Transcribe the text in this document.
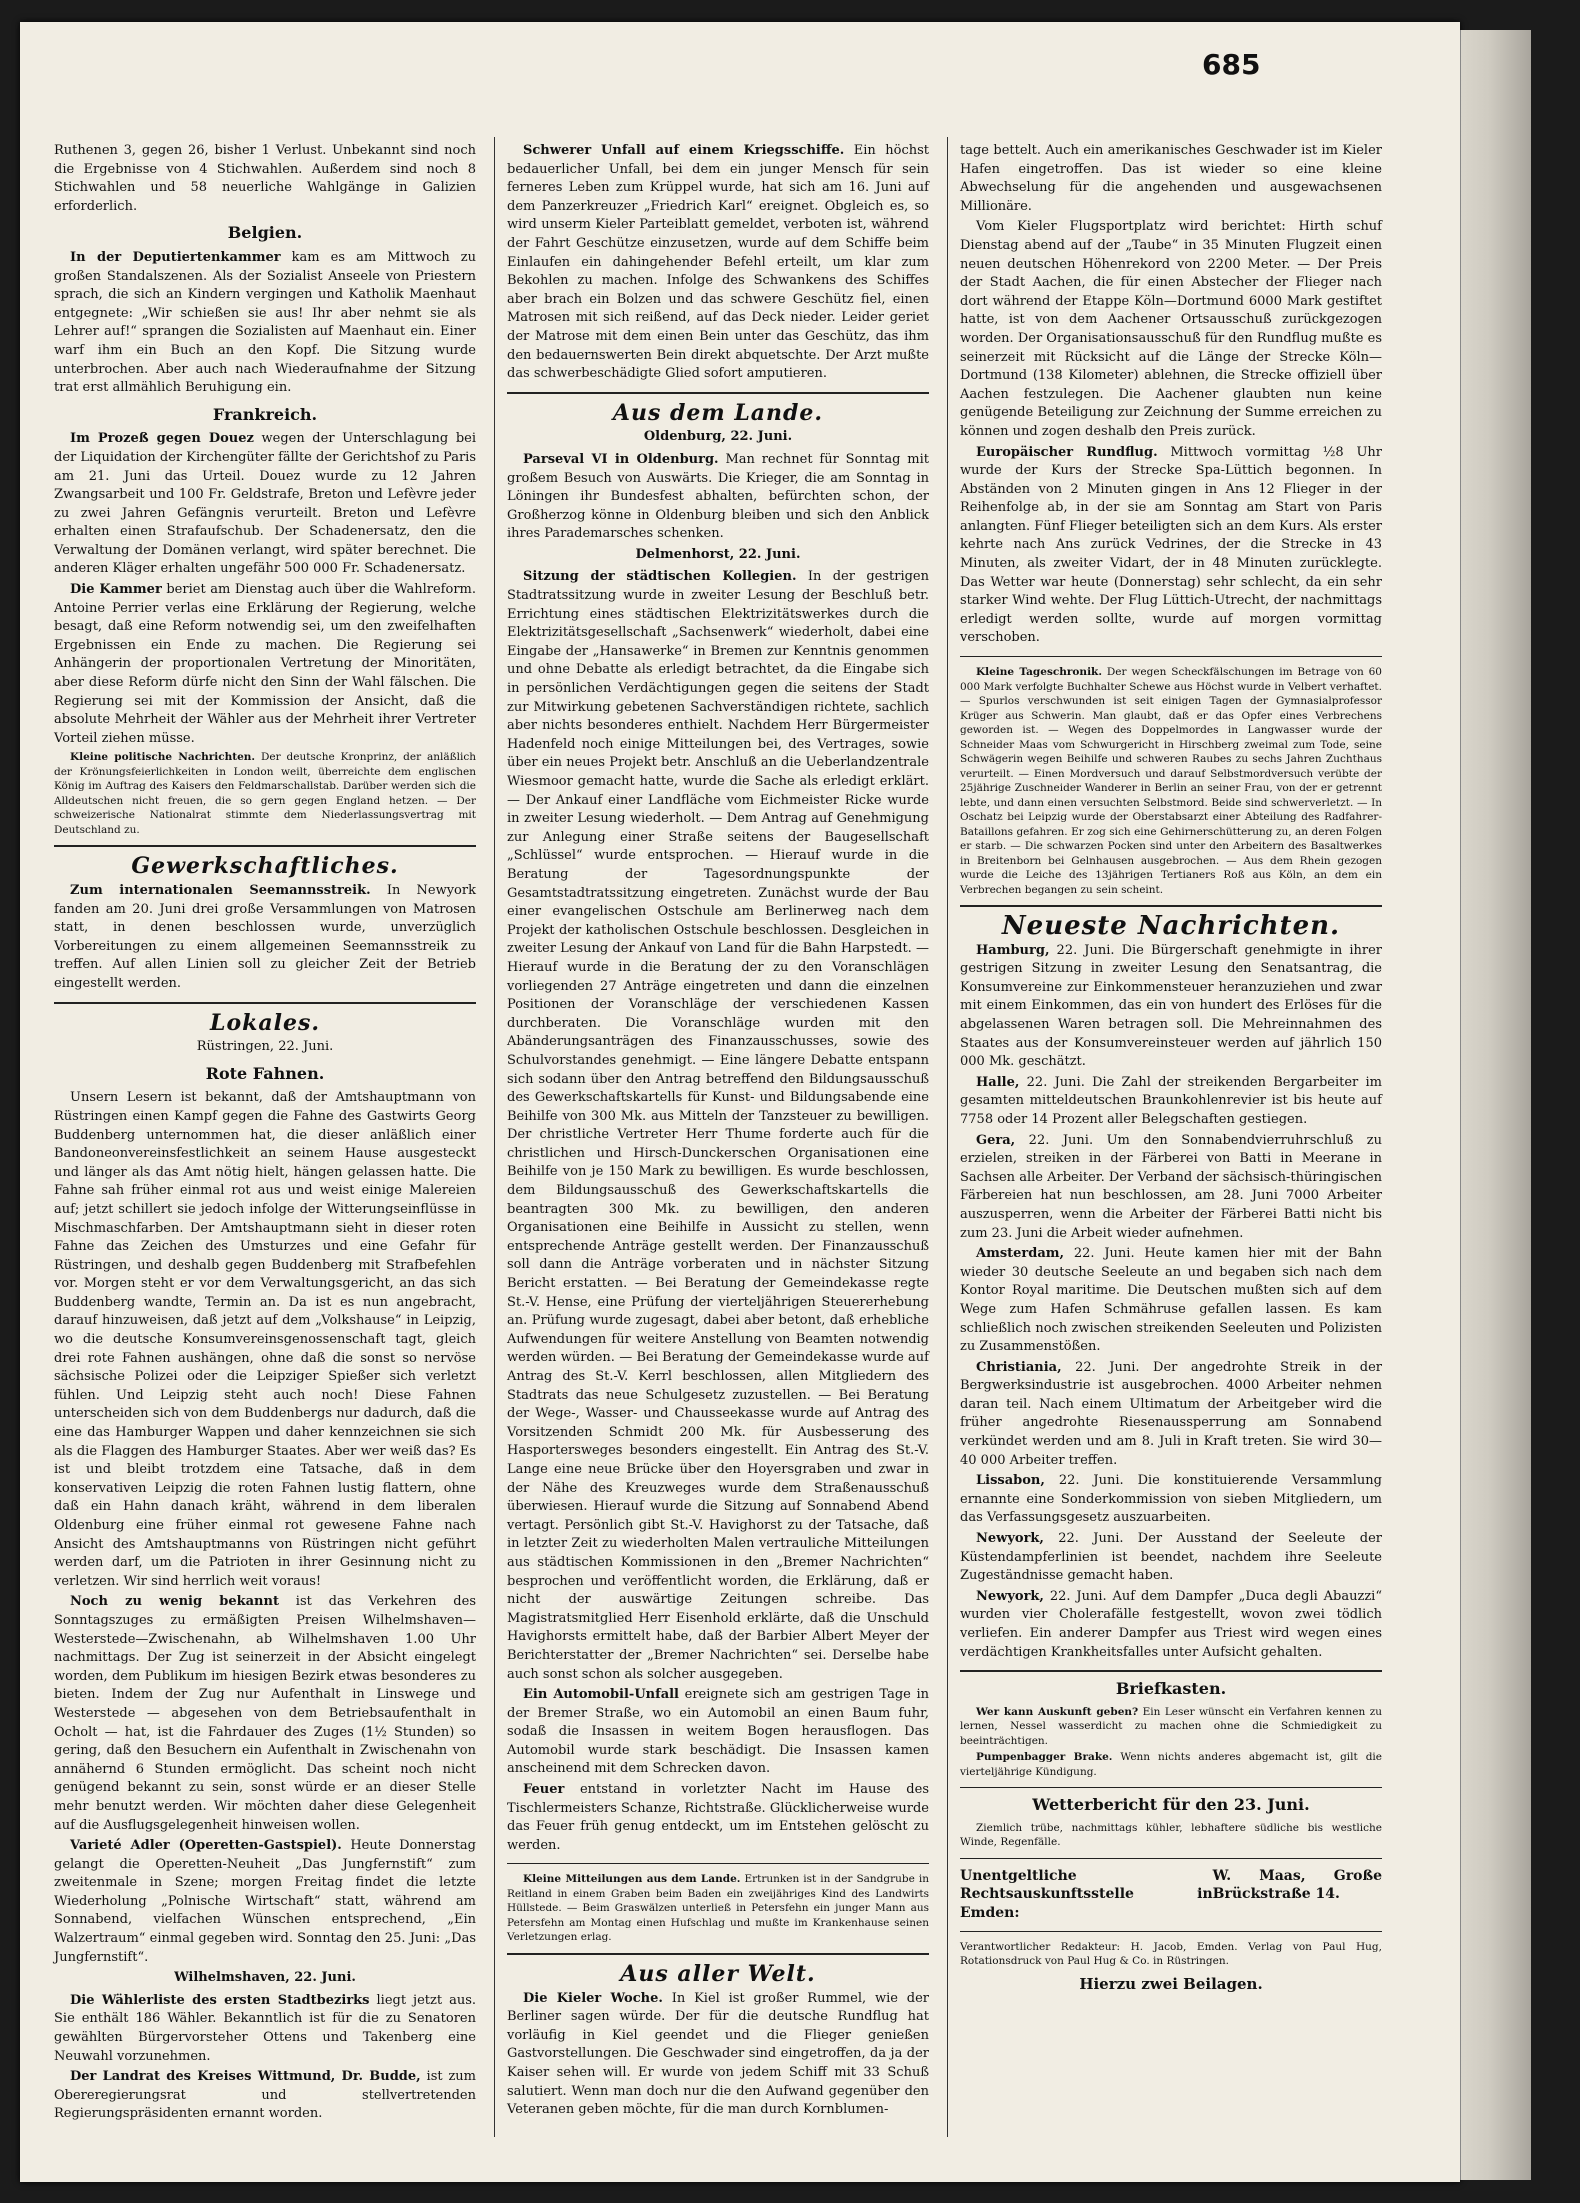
685

Ruthenen 3, gegen 26, bisher 1 Verlust. Unbekannt sind noch die Ergebnisse von 4 Stichwahlen. Außerdem sind noch 8 Stichwahlen und 58 neuerliche Wahlgänge in Galizien erforderlich.

Belgien.

In der Deputiertenkammer kam es am Mittwoch zu großen Standalszenen. Als der Sozialist Anseele von Priestern sprach, die sich an Kindern vergingen und Katholik Maenhaut entgegnete: „Wir schießen sie aus! Ihr aber nehmt sie als Lehrer auf!“ sprangen die Sozialisten auf Maenhaut ein. Einer warf ihm ein Buch an den Kopf. Die Sitzung wurde unterbrochen. Aber auch nach Wiederaufnahme der Sitzung trat erst allmählich Beruhigung ein.

Frankreich.

Im Prozeß gegen Douez wegen der Unterschlagung bei der Liquidation der Kirchengüter fällte der Gerichtshof zu Paris am 21. Juni das Urteil. Douez wurde zu 12 Jahren Zwangsarbeit und 100 Fr. Geldstrafe, Breton und Lefèvre jeder zu zwei Jahren Gefängnis verurteilt. Breton und Lefèvre erhalten einen Strafaufschub. Der Schadenersatz, den die Verwaltung der Domänen verlangt, wird später berechnet. Die anderen Kläger erhalten ungefähr 500 000 Fr. Schadenersatz.

Die Kammer beriet am Dienstag auch über die Wahlreform. Antoine Perrier verlas eine Erklärung der Regierung, welche besagt, daß eine Reform notwendig sei, um den zweifelhaften Ergebnissen ein Ende zu machen. Die Regierung sei Anhängerin der proportionalen Vertretung der Minoritäten, aber diese Reform dürfe nicht den Sinn der Wahl fälschen. Die Regierung sei mit der Kommission der Ansicht, daß die absolute Mehrheit der Wähler aus der Mehrheit ihrer Vertreter Vorteil ziehen müsse.

Kleine politische Nachrichten. Der deutsche Kronprinz, der anläßlich der Krönungsfeierlichkeiten in London weilt, überreichte dem englischen König im Auftrag des Kaisers den Feldmarschallstab. Darüber werden sich die Alldeutschen nicht freuen, die so gern gegen England hetzen. — Der schweizerische Nationalrat stimmte dem Niederlassungsvertrag mit Deutschland zu.

Gewerkschaftliches.

Zum internationalen Seemannsstreik. In Newyork fanden am 20. Juni drei große Versammlungen von Matrosen statt, in denen beschlossen wurde, unverzüglich Vorbereitungen zu einem allgemeinen Seemannsstreik zu treffen. Auf allen Linien soll zu gleicher Zeit der Betrieb eingestellt werden.

Lokales.
Rüstringen, 22. Juni.
Rote Fahnen.

Unsern Lesern ist bekannt, daß der Amtshauptmann von Rüstringen einen Kampf gegen die Fahne des Gastwirts Georg Buddenberg unternommen hat, die dieser anläßlich einer Bandoneonvereinsfestlichkeit an seinem Hause ausgesteckt und länger als das Amt nötig hielt, hängen gelassen hatte. Die Fahne sah früher einmal rot aus und weist einige Malereien auf; jetzt schillert sie jedoch infolge der Witterungseinflüsse in Mischmaschfarben. Der Amtshauptmann sieht in dieser roten Fahne das Zeichen des Umsturzes und eine Gefahr für Rüstringen, und deshalb gegen Buddenberg mit Strafbefehlen vor. Morgen steht er vor dem Verwaltungsgericht, an das sich Buddenberg wandte, Termin an. Da ist es nun angebracht, darauf hinzuweisen, daß jetzt auf dem „Volkshause“ in Leipzig, wo die deutsche Konsumvereinsgenossenschaft tagt, gleich drei rote Fahnen aushängen, ohne daß die sonst so nervöse sächsische Polizei oder die Leipziger Spießer sich verletzt fühlen. Und Leipzig steht auch noch! Diese Fahnen unterscheiden sich von dem Buddenbergs nur dadurch, daß die eine das Hamburger Wappen und daher kennzeichnen sie sich als die Flaggen des Hamburger Staates. Aber wer weiß das? Es ist und bleibt trotzdem eine Tatsache, daß in dem konservativen Leipzig die roten Fahnen lustig flattern, ohne daß ein Hahn danach kräht, während in dem liberalen Oldenburg eine früher einmal rot gewesene Fahne nach Ansicht des Amtshauptmanns von Rüstringen nicht geführt werden darf, um die Patrioten in ihrer Gesinnung nicht zu verletzen. Wir sind herrlich weit voraus!

Noch zu wenig bekannt ist das Verkehren des Sonntagszuges zu ermäßigten Preisen Wilhelmshaven—Westerstede—Zwischenahn, ab Wilhelmshaven 1.00 Uhr nachmittags. Der Zug ist seinerzeit in der Absicht eingelegt worden, dem Publikum im hiesigen Bezirk etwas besonderes zu bieten. Indem der Zug nur Aufenthalt in Linswege und Westerstede — abgesehen von dem Betriebsaufenthalt in Ocholt — hat, ist die Fahrdauer des Zuges (1½ Stunden) so gering, daß den Besuchern ein Aufenthalt in Zwischenahn von annähernd 6 Stunden ermöglicht. Das scheint noch nicht genügend bekannt zu sein, sonst würde er an dieser Stelle mehr benutzt werden. Wir möchten daher diese Gelegenheit auf die Ausflugsgelegenheit hinweisen wollen.

Varieté Adler (Operetten-Gastspiel). Heute Donnerstag gelangt die Operetten-Neuheit „Das Jungfernstift“ zum zweitenmale in Szene; morgen Freitag findet die letzte Wiederholung „Polnische Wirtschaft“ statt, während am Sonnabend, vielfachen Wünschen entsprechend, „Ein Walzertraum“ einmal gegeben wird. Sonntag den 25. Juni: „Das Jungfernstift“.

Wilhelmshaven, 22. Juni.

Die Wählerliste des ersten Stadtbezirks liegt jetzt aus. Sie enthält 186 Wähler. Bekanntlich ist für die zu Senatoren gewählten Bürgervorsteher Ottens und Takenberg eine Neuwahl vorzunehmen.

Der Landrat des Kreises Wittmund, Dr. Budde, ist zum Obereregierungsrat und stellvertretenden Regierungspräsidenten ernannt worden.

Schwerer Unfall auf einem Kriegsschiffe. Ein höchst bedauerlicher Unfall, bei dem ein junger Mensch für sein ferneres Leben zum Krüppel wurde, hat sich am 16. Juni auf dem Panzerkreuzer „Friedrich Karl“ ereignet. Obgleich es, so wird unserm Kieler Parteiblatt gemeldet, verboten ist, während der Fahrt Geschütze einzusetzen, wurde auf dem Schiffe beim Einlaufen ein dahingehender Befehl erteilt, um klar zum Bekohlen zu machen. Infolge des Schwankens des Schiffes aber brach ein Bolzen und das schwere Geschütz fiel, einen Matrosen mit sich reißend, auf das Deck nieder. Leider geriet der Matrose mit dem einen Bein unter das Geschütz, das ihm den bedauernswerten Bein direkt abquetschte. Der Arzt mußte das schwerbeschädigte Glied sofort amputieren.

Aus dem Lande.
Oldenburg, 22. Juni.

Parseval VI in Oldenburg. Man rechnet für Sonntag mit großem Besuch von Auswärts. Die Krieger, die am Sonntag in Löningen ihr Bundesfest abhalten, befürchten schon, der Großherzog könne in Oldenburg bleiben und sich den Anblick ihres Parademarsches schenken.

Delmenhorst, 22. Juni.

Sitzung der städtischen Kollegien. In der gestrigen Stadtratssitzung wurde in zweiter Lesung der Beschluß betr. Errichtung eines städtischen Elektrizitätswerkes durch die Elektrizitätsgesellschaft „Sachsenwerk“ wiederholt, dabei eine Eingabe der „Hansawerke“ in Bremen zur Kenntnis genommen und ohne Debatte als erledigt betrachtet, da die Eingabe sich in persönlichen Verdächtigungen gegen die seitens der Stadt zur Mitwirkung gebetenen Sachverständigen richtete, sachlich aber nichts besonderes enthielt. Nachdem Herr Bürgermeister Hadenfeld noch einige Mitteilungen bei, des Vertrages, sowie über ein neues Projekt betr. Anschluß an die Ueberlandzentrale Wiesmoor gemacht hatte, wurde die Sache als erledigt erklärt. — Der Ankauf einer Landfläche vom Eichmeister Ricke wurde in zweiter Lesung wiederholt. — Dem Antrag auf Genehmigung zur Anlegung einer Straße seitens der Baugesellschaft „Schlüssel“ wurde entsprochen. — Hierauf wurde in die Beratung der Tagesordnungspunkte der Gesamtstadtratssitzung eingetreten. Zunächst wurde der Bau einer evangelischen Ostschule am Berlinerweg nach dem Projekt der katholischen Ostschule beschlossen. Desgleichen in zweiter Lesung der Ankauf von Land für die Bahn Harpstedt. — Hierauf wurde in die Beratung der zu den Voranschlägen vorliegenden 27 Anträge eingetreten und dann die einzelnen Positionen der Voranschläge der verschiedenen Kassen durchberaten. Die Voranschläge wurden mit den Abänderungsanträgen des Finanzausschusses, sowie des Schulvorstandes genehmigt. — Eine längere Debatte entspann sich sodann über den Antrag betreffend den Bildungsausschuß des Gewerkschaftskartells für Kunst- und Bildungsabende eine Beihilfe von 300 Mk. aus Mitteln der Tanzsteuer zu bewilligen. Der christliche Vertreter Herr Thume forderte auch für die christlichen und Hirsch-Dunckerschen Organisationen eine Beihilfe von je 150 Mark zu bewilligen. Es wurde beschlossen, dem Bildungsausschuß des Gewerkschaftskartells die beantragten 300 Mk. zu bewilligen, den anderen Organisationen eine Beihilfe in Aussicht zu stellen, wenn entsprechende Anträge gestellt werden. Der Finanzausschuß soll dann die Anträge vorberaten und in nächster Sitzung Bericht erstatten. — Bei Beratung der Gemeindekasse regte St.-V. Hense, eine Prüfung der vierteljährigen Steuererhebung an. Prüfung wurde zugesagt, dabei aber betont, daß erhebliche Aufwendungen für weitere Anstellung von Beamten notwendig werden würden. — Bei Beratung der Gemeindekasse wurde auf Antrag des St.-V. Kerrl beschlossen, allen Mitgliedern des Stadtrats das neue Schulgesetz zuzustellen. — Bei Beratung der Wege-, Wasser- und Chausseekasse wurde auf Antrag des Vorsitzenden Schmidt 200 Mk. für Ausbesserung des Hasportersweges besonders eingestellt. Ein Antrag des St.-V. Lange eine neue Brücke über den Hoyersgraben und zwar in der Nähe des Kreuzweges wurde dem Straßenausschuß überwiesen. Hierauf wurde die Sitzung auf Sonnabend Abend vertagt. Persönlich gibt St.-V. Havighorst zu der Tatsache, daß in letzter Zeit zu wiederholten Malen vertrauliche Mitteilungen aus städtischen Kommissionen in den „Bremer Nachrichten“ besprochen und veröffentlicht worden, die Erklärung, daß er nicht der auswärtige Zeitungen schreibe. Das Magistratsmitglied Herr Eisenhold erklärte, daß die Unschuld Havighorsts ermittelt habe, daß der Barbier Albert Meyer der Berichterstatter der „Bremer Nachrichten“ sei. Derselbe habe auch sonst schon als solcher ausgegeben.

Ein Automobil-Unfall ereignete sich am gestrigen Tage in der Bremer Straße, wo ein Automobil an einen Baum fuhr, sodaß die Insassen in weitem Bogen herausflogen. Das Automobil wurde stark beschädigt. Die Insassen kamen anscheinend mit dem Schrecken davon.

Feuer entstand in vorletzter Nacht im Hause des Tischlermeisters Schanze, Richtstraße. Glücklicherweise wurde das Feuer früh genug entdeckt, um im Entstehen gelöscht zu werden.

Kleine Mitteilungen aus dem Lande. Ertrunken ist in der Sandgrube in Reitland in einem Graben beim Baden ein zweijähriges Kind des Landwirts Hüllstede. — Beim Graswälzen unterließ in Petersfehn ein junger Mann aus Petersfehn am Montag einen Hufschlag und mußte im Krankenhause seinen Verletzungen erlag.

Aus aller Welt.

Die Kieler Woche. In Kiel ist großer Rummel, wie der Berliner sagen würde. Der für die deutsche Rundflug hat vorläufig in Kiel geendet und die Flieger genießen Gastvorstellungen. Die Geschwader sind eingetroffen, da ja der Kaiser sehen will. Er wurde von jedem Schiff mit 33 Schuß salutiert. Wenn man doch nur die den Aufwand gegenüber den Veteranen geben möchte, für die man durch Kornblumen-

tage bettelt. Auch ein amerikanisches Geschwader ist im Kieler Hafen eingetroffen. Das ist wieder so eine kleine Abwechselung für die angehenden und ausgewachsenen Millionäre.

Vom Kieler Flugsportplatz wird berichtet: Hirth schuf Dienstag abend auf der „Taube“ in 35 Minuten Flugzeit einen neuen deutschen Höhenrekord von 2200 Meter. — Der Preis der Stadt Aachen, die für einen Abstecher der Flieger nach dort während der Etappe Köln—Dortmund 6000 Mark gestiftet hatte, ist von dem Aachener Ortsausschuß zurückgezogen worden. Der Organisationsausschuß für den Rundflug mußte es seinerzeit mit Rücksicht auf die Länge der Strecke Köln—Dortmund (138 Kilometer) ablehnen, die Strecke offiziell über Aachen festzulegen. Die Aachener glaubten nun keine genügende Beteiligung zur Zeichnung der Summe erreichen zu können und zogen deshalb den Preis zurück.

Europäischer Rundflug. Mittwoch vormittag ½8 Uhr wurde der Kurs der Strecke Spa-Lüttich begonnen. In Abständen von 2 Minuten gingen in Ans 12 Flieger in der Reihenfolge ab, in der sie am Sonntag am Start von Paris anlangten. Fünf Flieger beteiligten sich an dem Kurs. Als erster kehrte nach Ans zurück Vedrines, der die Strecke in 43 Minuten, als zweiter Vidart, der in 48 Minuten zurücklegte. Das Wetter war heute (Donnerstag) sehr schlecht, da ein sehr starker Wind wehte. Der Flug Lüttich-Utrecht, der nachmittags erledigt werden sollte, wurde auf morgen vormittag verschoben.

Kleine Tageschronik. Der wegen Scheckfälschungen im Betrage von 60 000 Mark verfolgte Buchhalter Schewe aus Höchst wurde in Velbert verhaftet. — Spurlos verschwunden ist seit einigen Tagen der Gymnasialprofessor Krüger aus Schwerin. Man glaubt, daß er das Opfer eines Verbrechens geworden ist. — Wegen des Doppelmordes in Langwasser wurde der Schneider Maas vom Schwurgericht in Hirschberg zweimal zum Tode, seine Schwägerin wegen Beihilfe und schweren Raubes zu sechs Jahren Zuchthaus verurteilt. — Einen Mordversuch und darauf Selbstmordversuch verübte der 25jährige Zuschneider Wanderer in Berlin an seiner Frau, von der er getrennt lebte, und dann einen versuchten Selbstmord. Beide sind schwerverletzt. — In Oschatz bei Leipzig wurde der Oberstabsarzt einer Abteilung des Radfahrer-Bataillons gefahren. Er zog sich eine Gehirnerschütterung zu, an deren Folgen er starb. — Die schwarzen Pocken sind unter den Arbeitern des Basaltwerkes in Breitenborn bei Gelnhausen ausgebrochen. — Aus dem Rhein gezogen wurde die Leiche des 13jährigen Tertianers Roß aus Köln, an dem ein Verbrechen begangen zu sein scheint.

Neueste Nachrichten.

Hamburg, 22. Juni. Die Bürgerschaft genehmigte in ihrer gestrigen Sitzung in zweiter Lesung den Senatsantrag, die Konsumvereine zur Einkommensteuer heranzuziehen und zwar mit einem Einkommen, das ein von hundert des Erlöses für die abgelassenen Waren betragen soll. Die Mehreinnahmen des Staates aus der Konsumvereinsteuer werden auf jährlich 150 000 Mk. geschätzt.

Halle, 22. Juni. Die Zahl der streikenden Bergarbeiter im gesamten mitteldeutschen Braunkohlenrevier ist bis heute auf 7758 oder 14 Prozent aller Belegschaften gestiegen.

Gera, 22. Juni. Um den Sonnabendvierruhrschluß zu erzielen, streiken in der Färberei von Batti in Meerane in Sachsen alle Arbeiter. Der Verband der sächsisch-thüringischen Färbereien hat nun beschlossen, am 28. Juni 7000 Arbeiter auszusperren, wenn die Arbeiter der Färberei Batti nicht bis zum 23. Juni die Arbeit wieder aufnehmen.

Amsterdam, 22. Juni. Heute kamen hier mit der Bahn wieder 30 deutsche Seeleute an und begaben sich nach dem Kontor Royal maritime. Die Deutschen mußten sich auf dem Wege zum Hafen Schmähruse gefallen lassen. Es kam schließlich noch zwischen streikenden Seeleuten und Polizisten zu Zusammenstößen.

Christiania, 22. Juni. Der angedrohte Streik in der Bergwerksindustrie ist ausgebrochen. 4000 Arbeiter nehmen daran teil. Nach einem Ultimatum der Arbeitgeber wird die früher angedrohte Riesenaussperrung am Sonnabend verkündet werden und am 8. Juli in Kraft treten. Sie wird 30—40 000 Arbeiter treffen.

Lissabon, 22. Juni. Die konstituierende Versammlung ernannte eine Sonderkommission von sieben Mitgliedern, um das Verfassungsgesetz auszuarbeiten.

Newyork, 22. Juni. Der Ausstand der Seeleute der Küstendampferlinien ist beendet, nachdem ihre Seeleute Zugeständnisse gemacht haben.

Newyork, 22. Juni. Auf dem Dampfer „Duca degli Abauzzi“ wurden vier Cholerafälle festgestellt, wovon zwei tödlich verliefen. Ein anderer Dampfer aus Triest wird wegen eines verdächtigen Krankheitsfalles unter Aufsicht gehalten.

Briefkasten.

Wer kann Auskunft geben? Ein Leser wünscht ein Verfahren kennen zu lernen, Nessel wasserdicht zu machen ohne die Schmiedigkeit zu beeinträchtigen.

Pumpenbagger Brake. Wenn nichts anderes abgemacht ist, gilt die vierteljährige Kündigung.

Wetterbericht für den 23. Juni.

Ziemlich trübe, nachmittags kühler, lebhaftere südliche bis westliche Winde, Regenfälle.

Unentgeltliche Rechtsauskunftsstelle in Emden:
W. Maas, Große Brückstraße 14.

Verantwortlicher Redakteur: H. Jacob, Emden. Verlag von Paul Hug, Rotationsdruck von Paul Hug & Co. in Rüstringen.

Hierzu zwei Beilagen.
